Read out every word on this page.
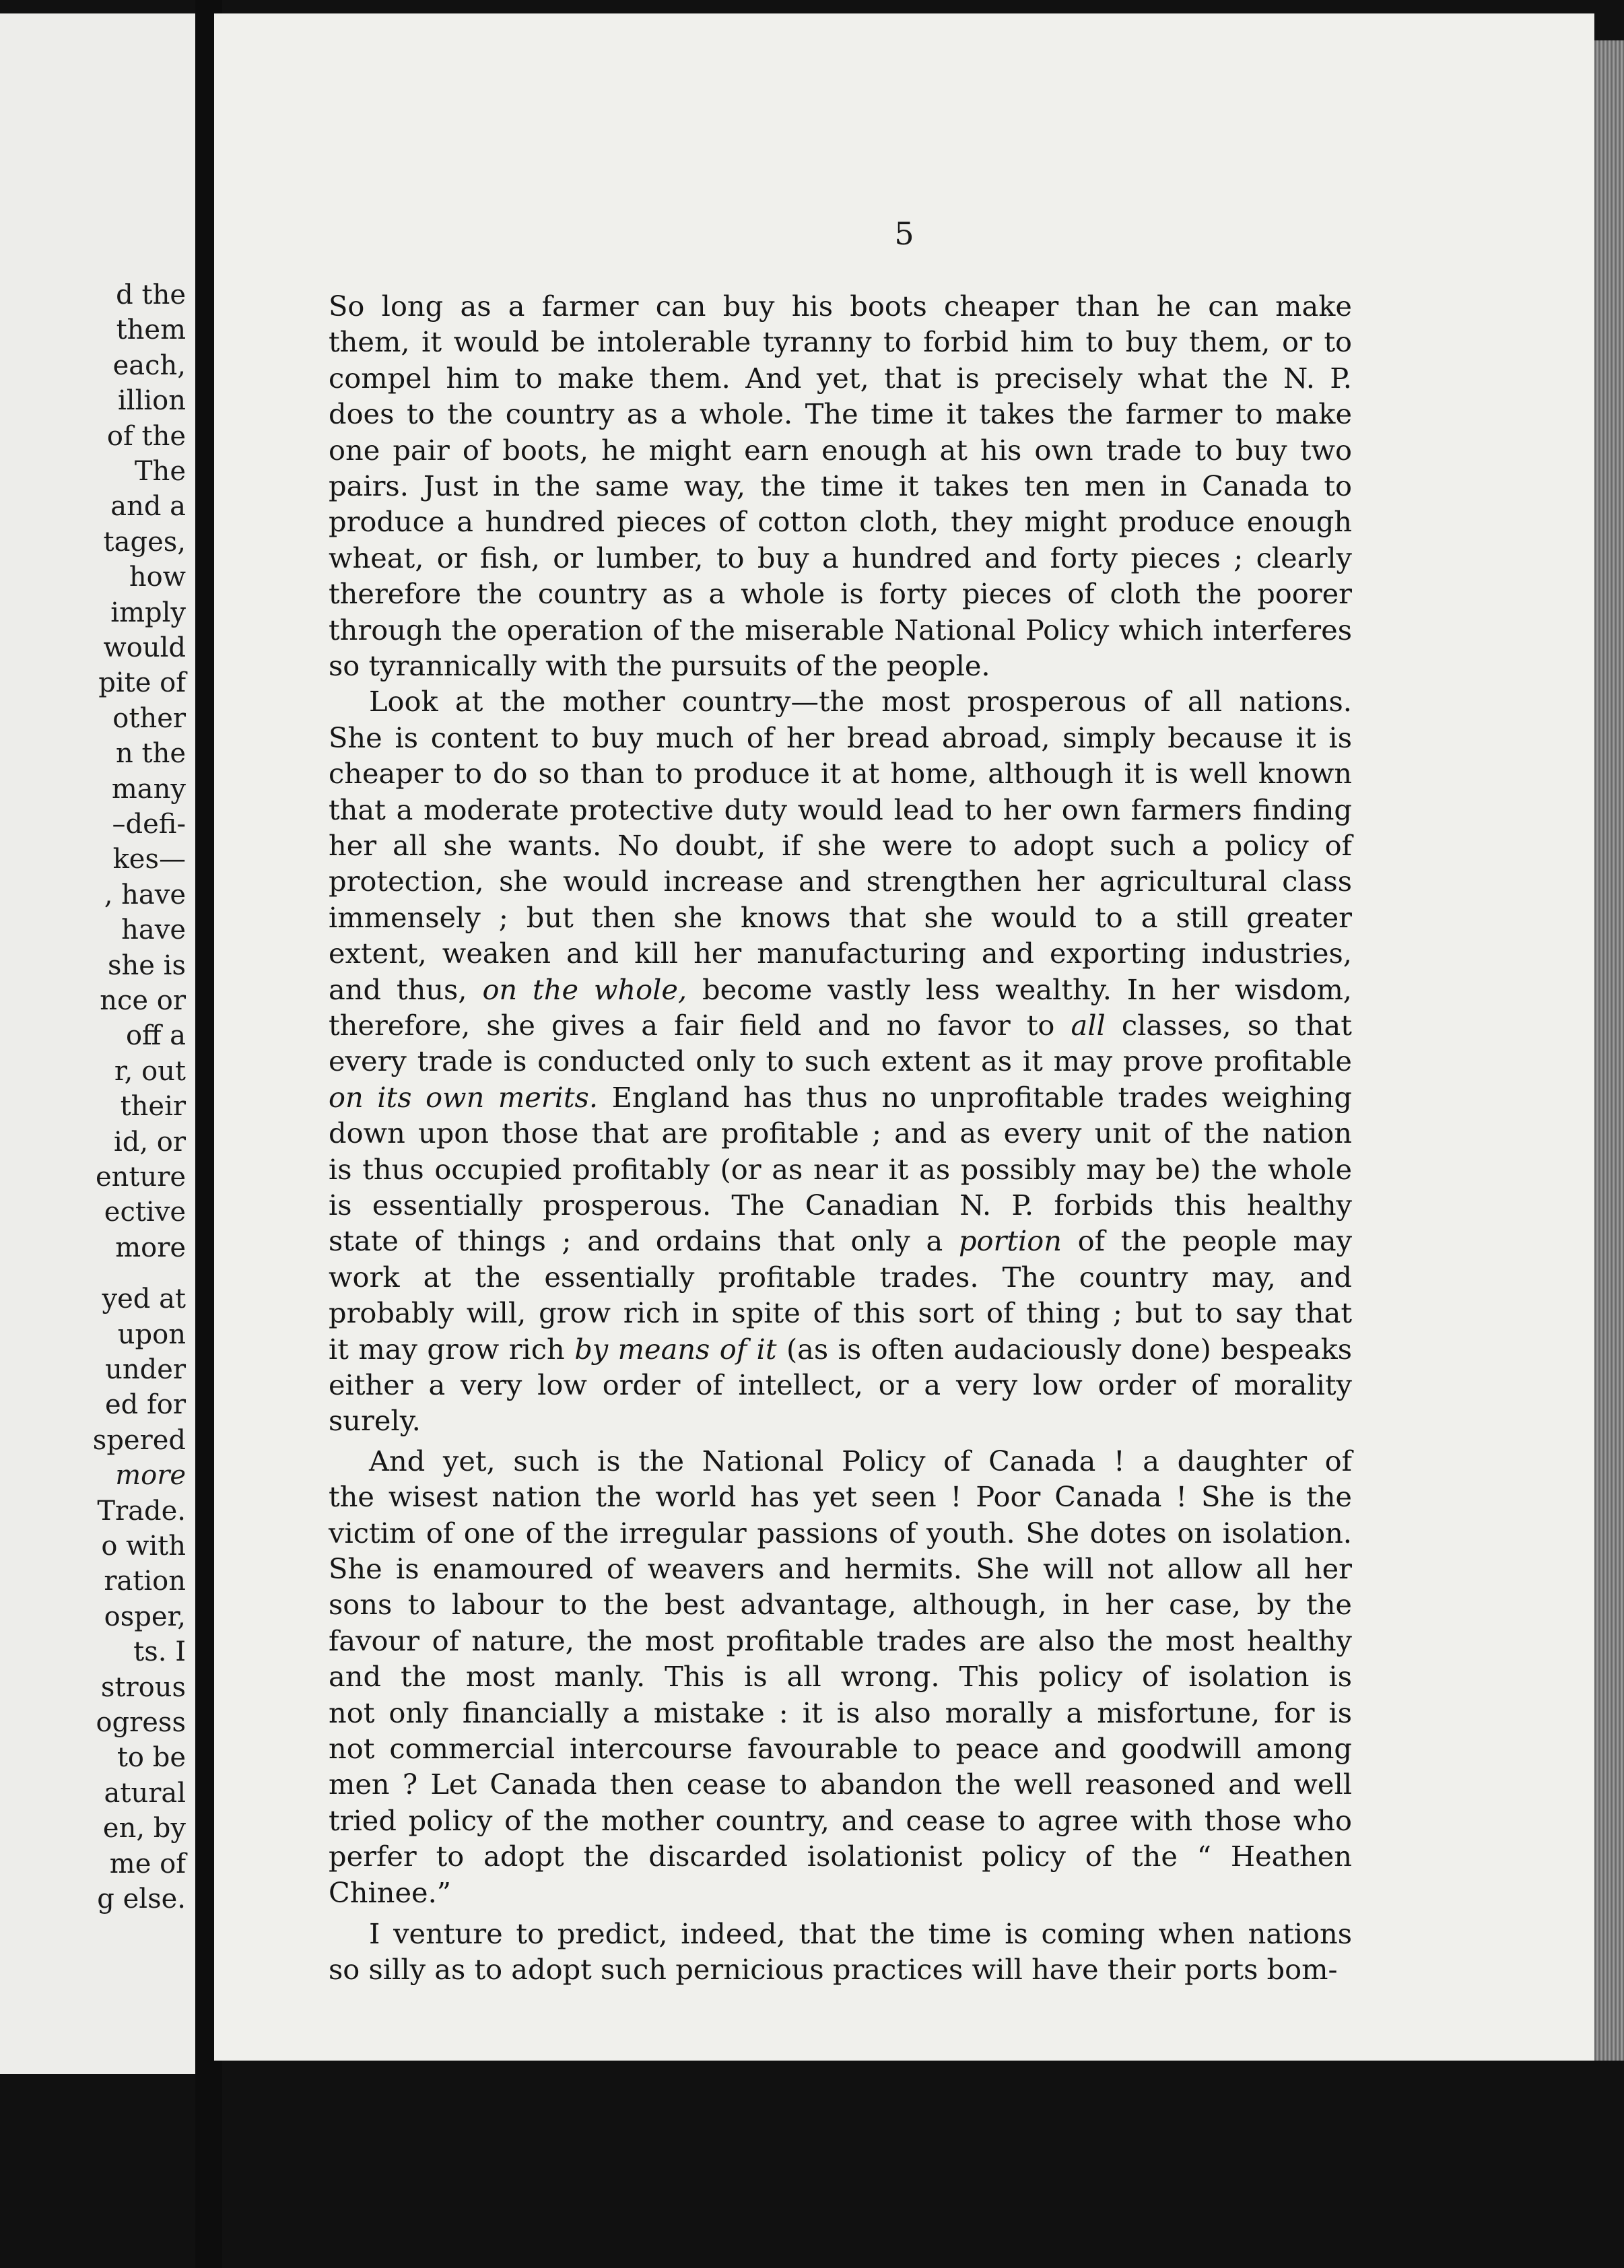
d the
them
each,
illion
of the
The
and a
tages,
how
imply
would
pite of
other
n the
many
–defi-
kes—
, have
have
she is
nce or
off a
r, out
their
id, or
enture
ective
more
yed at
upon
under
ed for
spered
more
Trade.
o with
ration
osper,
ts. I
strous
ogress
to be
atural
en, by
me of
g else.
5
So long as a farmer can buy his boots cheaper than he can make
them, it would be intolerable tyranny to forbid him to buy them, or to
compel him to make them. And yet, that is precisely what the N. P.
does to the country as a whole. The time it takes the farmer to make
one pair of boots, he might earn enough at his own trade to buy two
pairs. Just in the same way, the time it takes ten men in Canada to
produce a hundred pieces of cotton cloth, they might produce enough
wheat, or fish, or lumber, to buy a hundred and forty pieces ; clearly
therefore the country as a whole is forty pieces of cloth the poorer
through the operation of the miserable National Policy which interferes
so tyrannically with the pursuits of the people.
Look at the mother country—the most prosperous of all nations.
She is content to buy much of her bread abroad, simply because it is
cheaper to do so than to produce it at home, although it is well known
that a moderate protective duty would lead to her own farmers finding
her all she wants. No doubt, if she were to adopt such a policy of
protection, she would increase and strengthen her agricultural class
immensely ; but then she knows that she would to a still greater
extent, weaken and kill her manufacturing and exporting industries,
and thus, on the whole, become vastly less wealthy. In her wisdom,
therefore, she gives a fair field and no favor to all classes, so that
every trade is conducted only to such extent as it may prove profitable
on its own merits. England has thus no unprofitable trades weighing
down upon those that are profitable ; and as every unit of the nation
is thus occupied profitably (or as near it as possibly may be) the whole
is essentially prosperous. The Canadian N. P. forbids this healthy
state of things ; and ordains that only a portion of the people may
work at the essentially profitable trades. The country may, and
probably will, grow rich in spite of this sort of thing ; but to say that
it may grow rich by means of it (as is often audaciously done) bespeaks
either a very low order of intellect, or a very low order of morality
surely.
And yet, such is the National Policy of Canada ! a daughter of
the wisest nation the world has yet seen ! Poor Canada ! She is the
victim of one of the irregular passions of youth. She dotes on isolation.
She is enamoured of weavers and hermits. She will not allow all her
sons to labour to the best advantage, although, in her case, by the
favour of nature, the most profitable trades are also the most healthy
and the most manly. This is all wrong. This policy of isolation is
not only financially a mistake : it is also morally a misfortune, for is
not commercial intercourse favourable to peace and goodwill among
men ? Let Canada then cease to abandon the well reasoned and well
tried policy of the mother country, and cease to agree with those who
perfer to adopt the discarded isolationist policy of the “ Heathen
Chinee.”
I venture to predict, indeed, that the time is coming when nations
so silly as to adopt such pernicious practices will have their ports bom-
